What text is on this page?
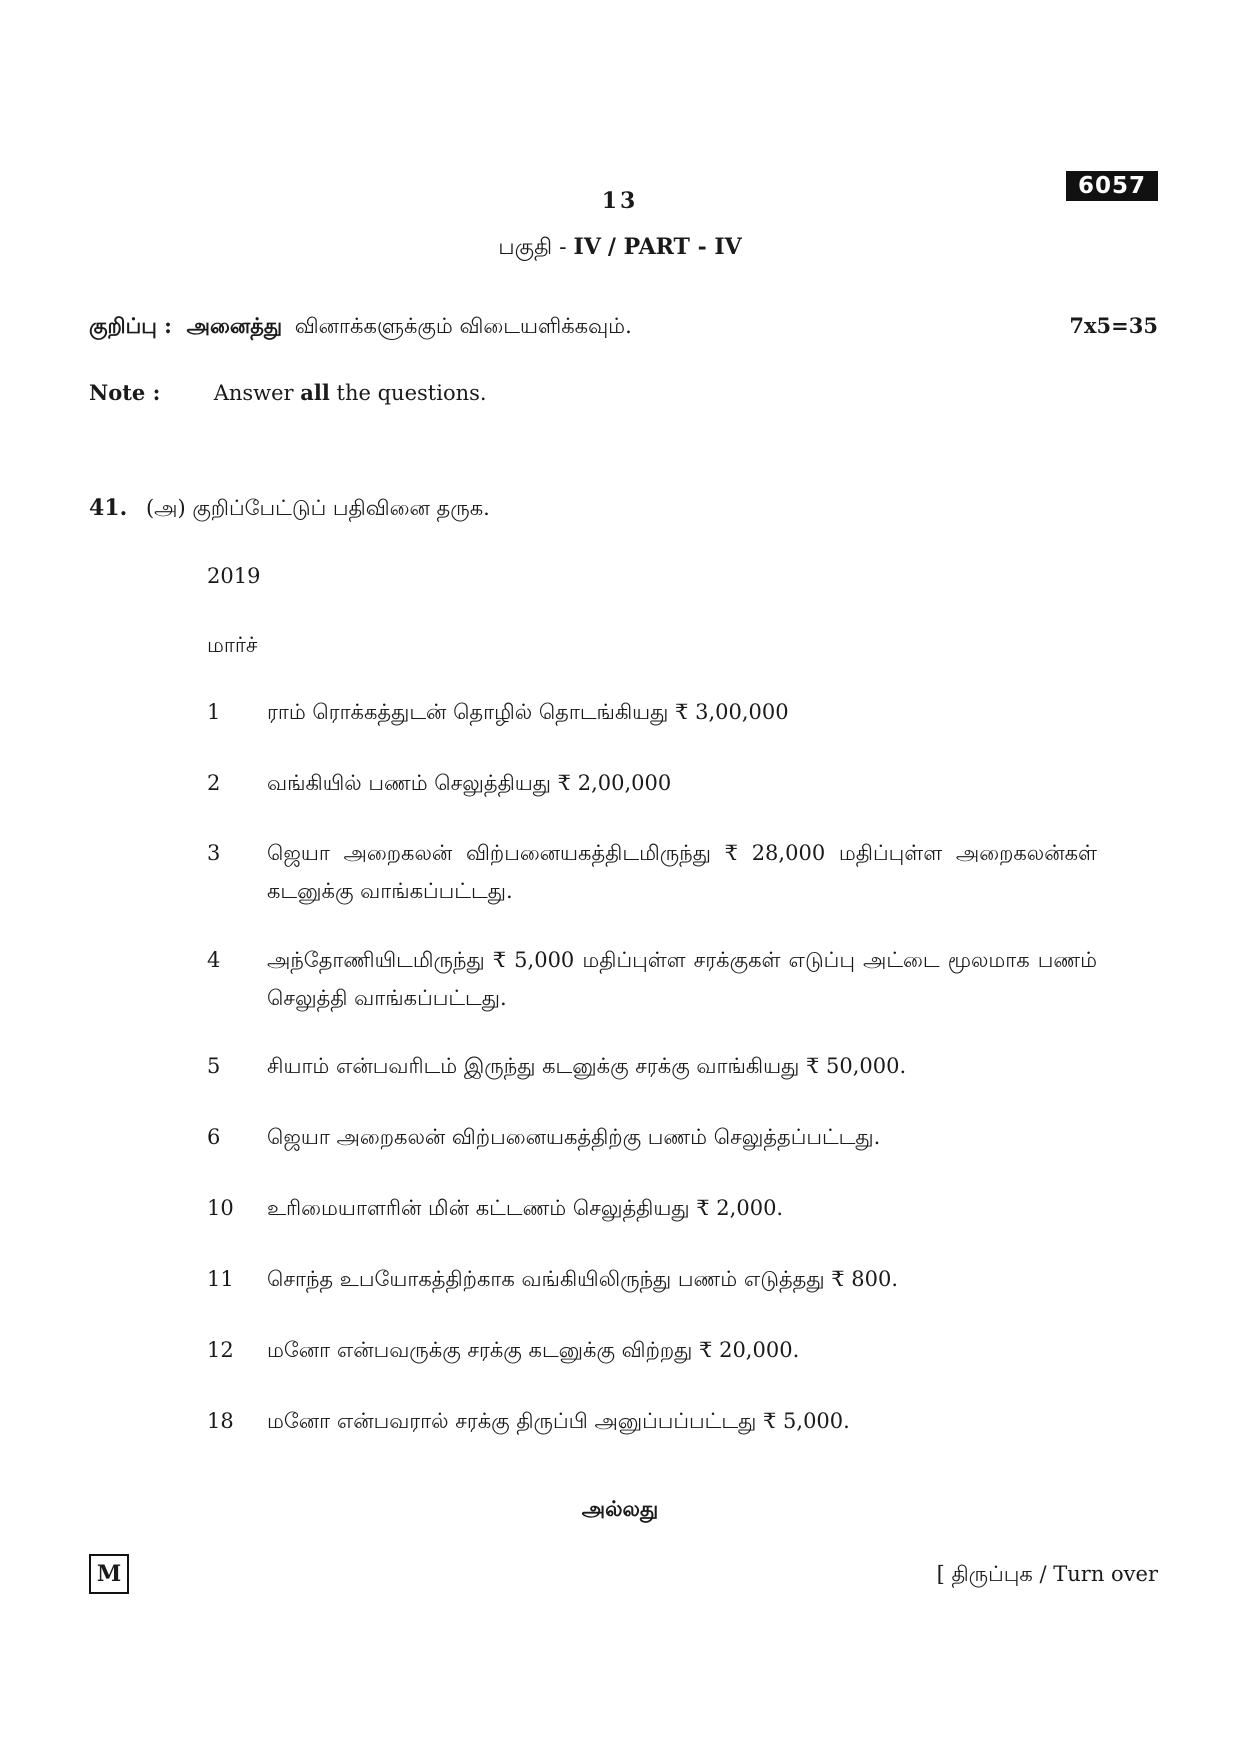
13
6057
பகுதி - IV / PART - IV
குறிப்பு : அனைத்து வினாக்களுக்கும் விடையளிக்கவும்.	7x5=35
Note :	Answer all the questions.
41. (அ) குறிப்பேட்டுப் பதிவினை தருக.
2019
மார்ச்
1	ராம் ரொக்கத்துடன் தொழில் தொடங்கியது ₹ 3,00,000
2	வங்கியில் பணம் செலுத்தியது ₹ 2,00,000
3	ஜெயா அறைகலன் விற்பனையகத்திடமிருந்து ₹ 28,000 மதிப்புள்ள அறைகலன்கள் கடனுக்கு வாங்கப்பட்டது.
4	அந்தோணியிடமிருந்து ₹ 5,000 மதிப்புள்ள சரக்குகள் எடுப்பு அட்டை மூலமாக பணம் செலுத்தி வாங்கப்பட்டது.
5	சியாம் என்பவரிடம் இருந்து கடனுக்கு சரக்கு வாங்கியது ₹ 50,000.
6	ஜெயா அறைகலன் விற்பனையகத்திற்கு பணம் செலுத்தப்பட்டது.
10	உரிமையாளரின் மின் கட்டணம் செலுத்தியது ₹ 2,000.
11	சொந்த உபயோகத்திற்காக வங்கியிலிருந்து பணம் எடுத்தது ₹ 800.
12	மனோ என்பவருக்கு சரக்கு கடனுக்கு விற்றது ₹ 20,000.
18	மனோ என்பவரால் சரக்கு திருப்பி அனுப்பப்பட்டது ₹ 5,000.
அல்லது
M	[ திருப்புக / Turn over
